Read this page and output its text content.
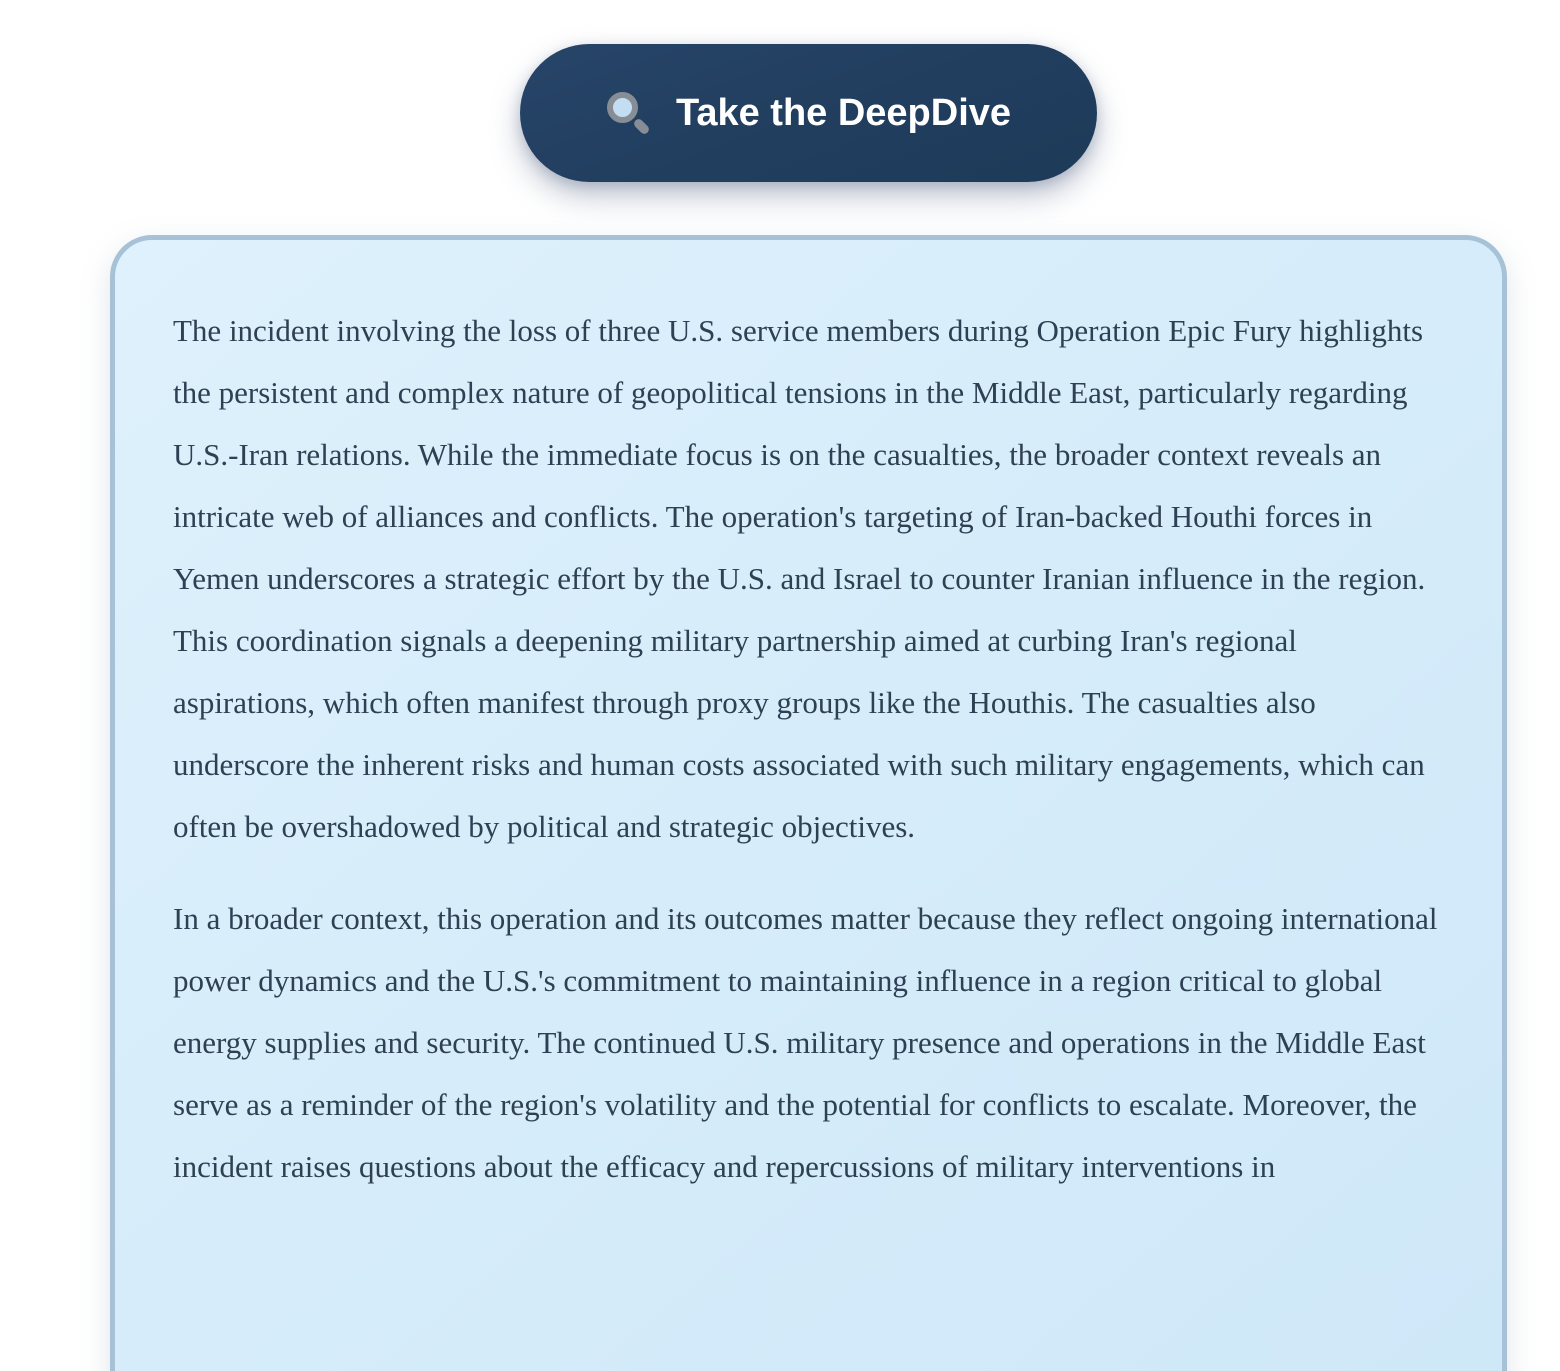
Take the DeepDive

The incident involving the loss of three U.S. service members during Operation Epic Fury highlights the persistent and complex nature of geopolitical tensions in the Middle East, particularly regarding U.S.-Iran relations. While the immediate focus is on the casualties, the broader context reveals an intricate web of alliances and conflicts. The operation's targeting of Iran-backed Houthi forces in Yemen underscores a strategic effort by the U.S. and Israel to counter Iranian influence in the region. This coordination signals a deepening military partnership aimed at curbing Iran's regional aspirations, which often manifest through proxy groups like the Houthis. The casualties also underscore the inherent risks and human costs associated with such military engagements, which can often be overshadowed by political and strategic objectives.

In a broader context, this operation and its outcomes matter because they reflect ongoing international power dynamics and the U.S.'s commitment to maintaining influence in a region critical to global energy supplies and security. The continued U.S. military presence and operations in the Middle East serve as a reminder of the region's volatility and the potential for conflicts to escalate. Moreover, the incident raises questions about the efficacy and repercussions of military interventions in
